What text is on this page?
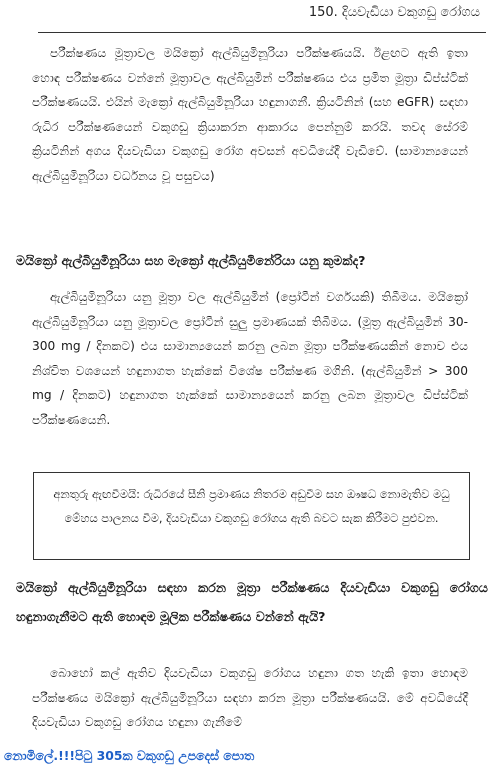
150. දියවැඩියා වකුගඩු රෝගය
පරීක්ෂණය මූත්‍රාවල මයික්‍රෝ ඇල්බියුමිනූරියා පරීක්ෂණයයි. ඊළඟට ඇති ඉතා හොඳ පරීක්ෂණය වන්නේ මූත්‍රාවල ඇල්බියුමින් පරීක්ෂණය එය ප්‍රමිත මූත්‍රා ඩිප්ස්ටික් පරීක්ෂණයයි. එයින් මැක්‍රෝ ඇල්බියුමිනූරියා හඳුනාගනී. ක්‍රියටිනින් (සහ eGFR) සඳහා රුධිර පරීක්ෂණයෙන් වකුගඩු ක්‍රියාකරන ආකාරය පෙන්නුම් කරයි. තවද සේරම් ක්‍රියටිනින් අගය දියවැඩියා වකුගඩු රෝග අවසන් අවධියේදී වැඩිවේ. (සාමාන්‍යයෙන් ඇල්බියුමිනූරියා වර්ධනය වූ පසුවය)
මයික්‍රෝ ඇල්බියුමිනූරියා සහ මැක්‍රෝ ඇල්බියුමිනේරියා යනු කුමක්ද?
ඇල්බියුමිනූරියා යනු මූත්‍රා වල ඇල්බියුමින් (ප්‍රෝටීන් වර්ගයකි) තිබීමය. මයික්‍රෝ ඇල්බියුමිනූරියා යනු මූත්‍රාවල ප්‍රෝටීන් සුලු ප්‍රමාණයක් තිබීමය. (මූත්‍ර ඇල්බියුමින් 30- 300 mg / දිනකට) එය සාමාන්‍යයෙන් කරනු ලබන මූත්‍රා පරීක්ෂණයකින් නොව එය නිශ්චිත වශයෙන් හඳුනාගත හැක්කේ විශේෂ පරීක්ෂණ මගිනි. (ඇල්බියුමින් > 300 mg / දිනකට) හඳුනාගත හැක්කේ සාමාන්‍යයෙන් කරනු ලබන මූත්‍රාවල ඩිප්ස්ටික් පරීක්ෂණයෙනි.
අනතුරු ඇඟවීමයි: රුධිරයේ සීනි ප්‍රමාණය නිතරම අඩුවීම සහ ඖෂධ නොමැතිව මධු මේහය පාලනය වීම, දියවැඩියා වකුගඩු රෝගය ඇති බවට සැක කිරීමට පුළුවන.
මයික්‍රෝ ඇල්බියුමිනූරියා සඳහා කරන මූත්‍රා පරීක්ෂණය දියවැඩියා වකුගඩු රෝගය හඳුනාගැනීමට ඇති හොඳම මූලික පරීක්ෂණය වන්නේ ඇයි?
බොහෝ කල් ඇතිව දියවැඩියා වකුගඩු රෝගය හඳුනා ගත හැකි ඉතා හොඳම පරීක්ෂණය මයික්‍රෝ ඇල්බියුමිනූරියා සඳහා කරන මූත්‍රා පරීක්ෂණයයි. මේ අවධියේදී දියවැඩියා වකුගඩු රෝගය හඳුනා ගැනීමේ
නොමිලේ.!!!පිටු 305ක වකුගඩු උපදෙස් පොත
